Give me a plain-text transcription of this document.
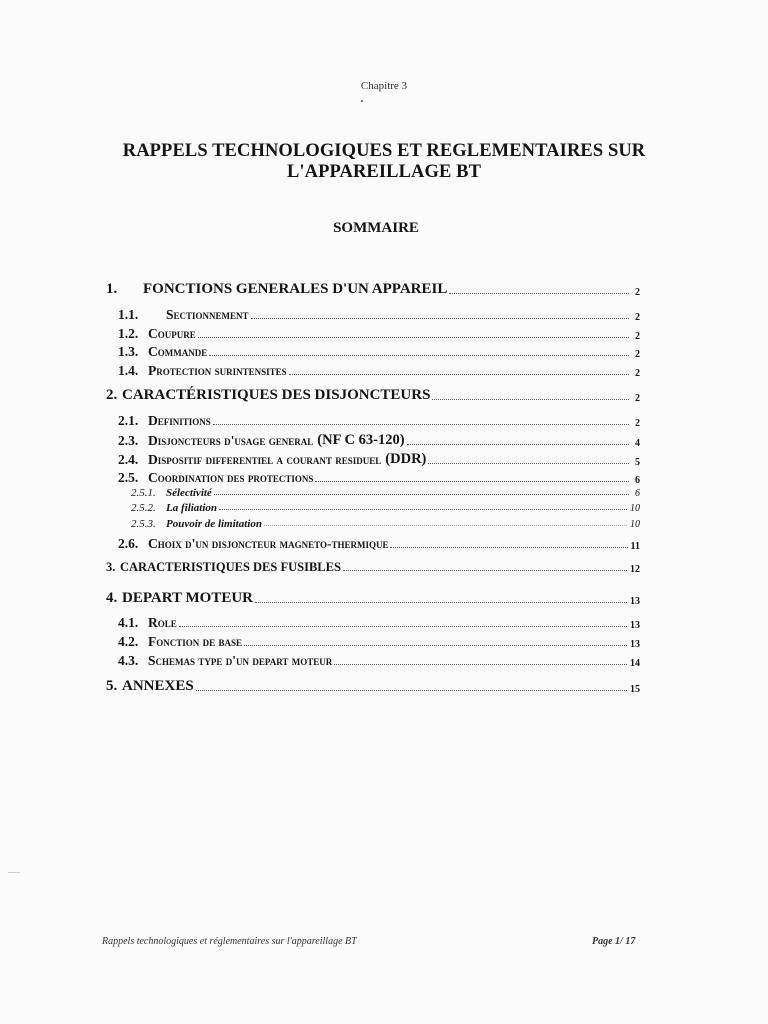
Chapitre 3
RAPPELS TECHNOLOGIQUES ET REGLEMENTAIRES SUR
L'APPAREILLAGE BT
SOMMAIRE
1.	FONCTIONS GENERALES D'UN APPAREIL	2
1.1.	Sectionnement	2
1.2. Coupure	2
1.3. Commande	2
1.4. Protection surintensites	2
2. CARACTÉRISTIQUES DES DISJONCTEURS	2
2.1. Definitions	2
2.3. Disjoncteurs d'usage general (NF C 63-120)	4
2.4. Dispositif differentiel a courant residuel (DDR)	5
2.5. Coordination des protections	6
2.5.1. Sélectivité	6
2.5.2. La filiation	10
2.5.3. Pouvoir de limitation	10
2.6. Choix d'un disjoncteur magneto-thermique	11
3. CARACTERISTIQUES DES FUSIBLES	12
4. DEPART MOTEUR	13
4.1. Role	13
4.2. Fonction de base	13
4.3. Schemas type d'un depart moteur	14
5. ANNEXES	15
Rappels technologiques et réglementaires sur l'appareillage BT	Page 1/ 17
